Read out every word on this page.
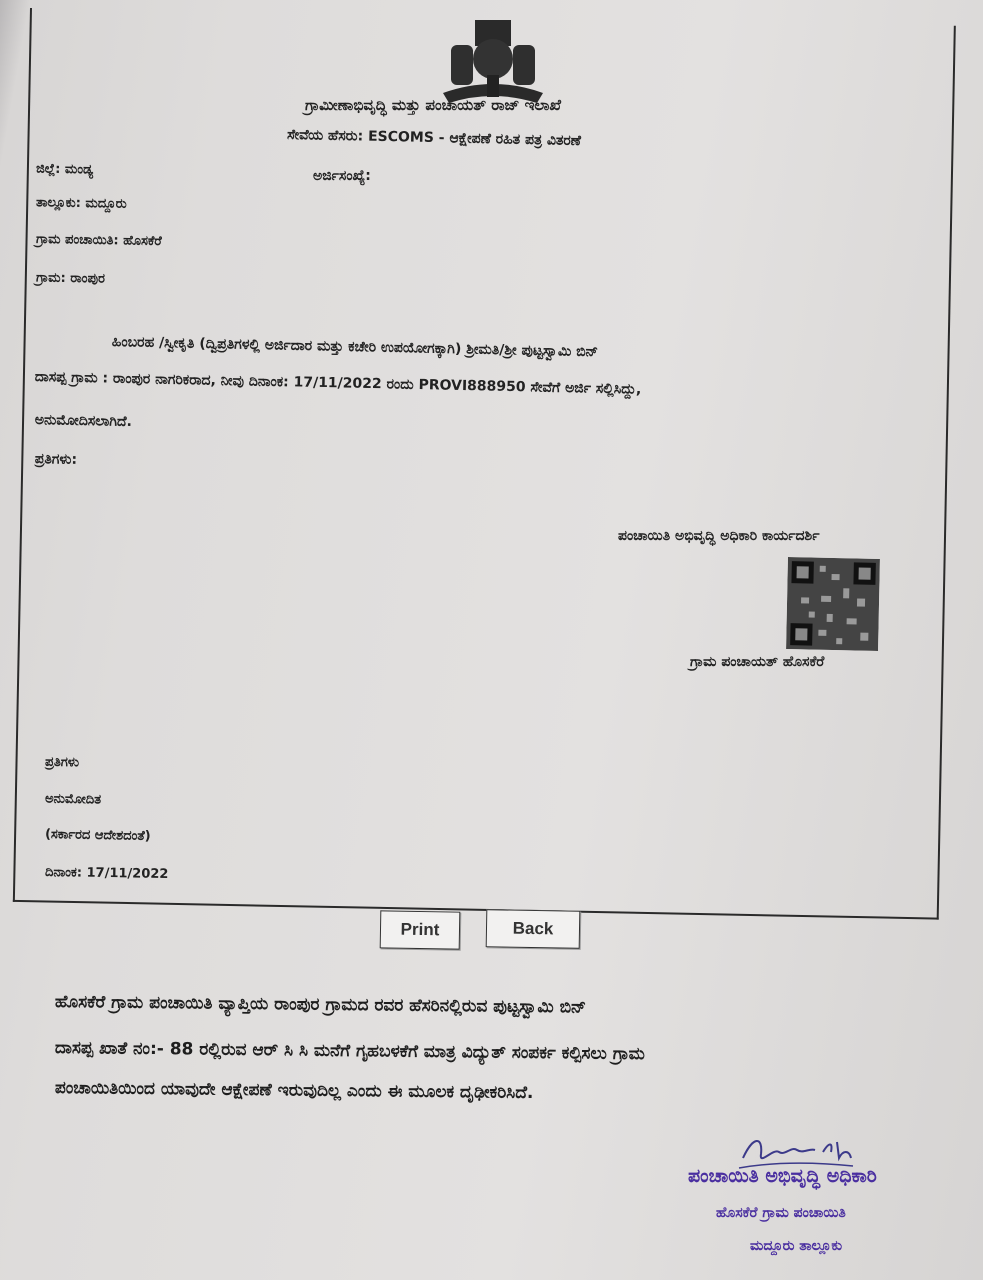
ಗ್ರಾಮೀಣಾಭಿವೃದ್ಧಿ ಮತ್ತು ಪಂಚಾಯತ್ ರಾಜ್ ಇಲಾಖೆ
ಸೇವೆಯ ಹೆಸರು: ESCOMS - ಆಕ್ಷೇಪಣೆ ರಹಿತ ಪತ್ರ ವಿತರಣೆ
ಅರ್ಜಿಸಂಖ್ಯೆ:
ಜಿಲ್ಲೆ: ಮಂಡ್ಯ
ತಾಲ್ಲೂಕು: ಮದ್ದೂರು
ಗ್ರಾಮ ಪಂಚಾಯಿತಿ: ಹೊಸಕೆರೆ
ಗ್ರಾಮ: ರಾಂಪುರ
ಹಿಂಬರಹ /ಸ್ವೀಕೃತಿ (ದ್ವಿಪ್ರತಿಗಳಲ್ಲಿ ಅರ್ಜಿದಾರ ಮತ್ತು ಕಚೇರಿ ಉಪಯೋಗಕ್ಕಾಗಿ) ಶ್ರೀಮತಿ/ಶ್ರೀ ಪುಟ್ಟಸ್ವಾಮಿ ಬಿನ್
ದಾಸಪ್ಪ ಗ್ರಾಮ : ರಾಂಪುರ ನಾಗರಿಕರಾದ, ನೀವು ದಿನಾಂಕ: 17/11/2022 ರಂದು PROVI888950 ಸೇವೆಗೆ ಅರ್ಜಿ ಸಲ್ಲಿಸಿದ್ದು,
ಅನುಮೋದಿಸಲಾಗಿದೆ.
ಪ್ರತಿಗಳು:
ಪಂಚಾಯಿತಿ ಅಭಿವೃದ್ಧಿ ಅಧಿಕಾರಿ ಕಾರ್ಯದರ್ಶಿ
ಗ್ರಾಮ ಪಂಚಾಯತ್ ಹೊಸಕೆರೆ
ಪ್ರತಿಗಳು
ಅನುಮೋದಿತ
(ಸರ್ಕಾರದ ಆದೇಶದಂತೆ)
ದಿನಾಂಕ: 17/11/2022
Print	Back
ಹೊಸಕೆರೆ ಗ್ರಾಮ ಪಂಚಾಯಿತಿ ವ್ಯಾಪ್ತಿಯ ರಾಂಪುರ ಗ್ರಾಮದ ರವರ ಹೆಸರಿನಲ್ಲಿರುವ ಪುಟ್ಟಸ್ವಾಮಿ ಬಿನ್
ದಾಸಪ್ಪ ಖಾತೆ ನಂ:- 88 ರಲ್ಲಿರುವ ಆರ್ ಸಿ ಸಿ ಮನೆಗೆ ಗೃಹಬಳಕೆಗೆ ಮಾತ್ರ ವಿದ್ಯುತ್ ಸಂಪರ್ಕ ಕಲ್ಪಿಸಲು ಗ್ರಾಮ
ಪಂಚಾಯಿತಿಯಿಂದ ಯಾವುದೇ ಆಕ್ಷೇಪಣೆ ಇರುವುದಿಲ್ಲ ಎಂದು ಈ ಮೂಲಕ ದೃಢೀಕರಿಸಿದೆ.
ಪಂಚಾಯಿತಿ ಅಭಿವೃದ್ಧಿ ಅಧಿಕಾರಿ
ಹೊಸಕೆರೆ ಗ್ರಾಮ ಪಂಚಾಯಿತಿ
ಮದ್ದೂರು ತಾಲ್ಲೂಕು
